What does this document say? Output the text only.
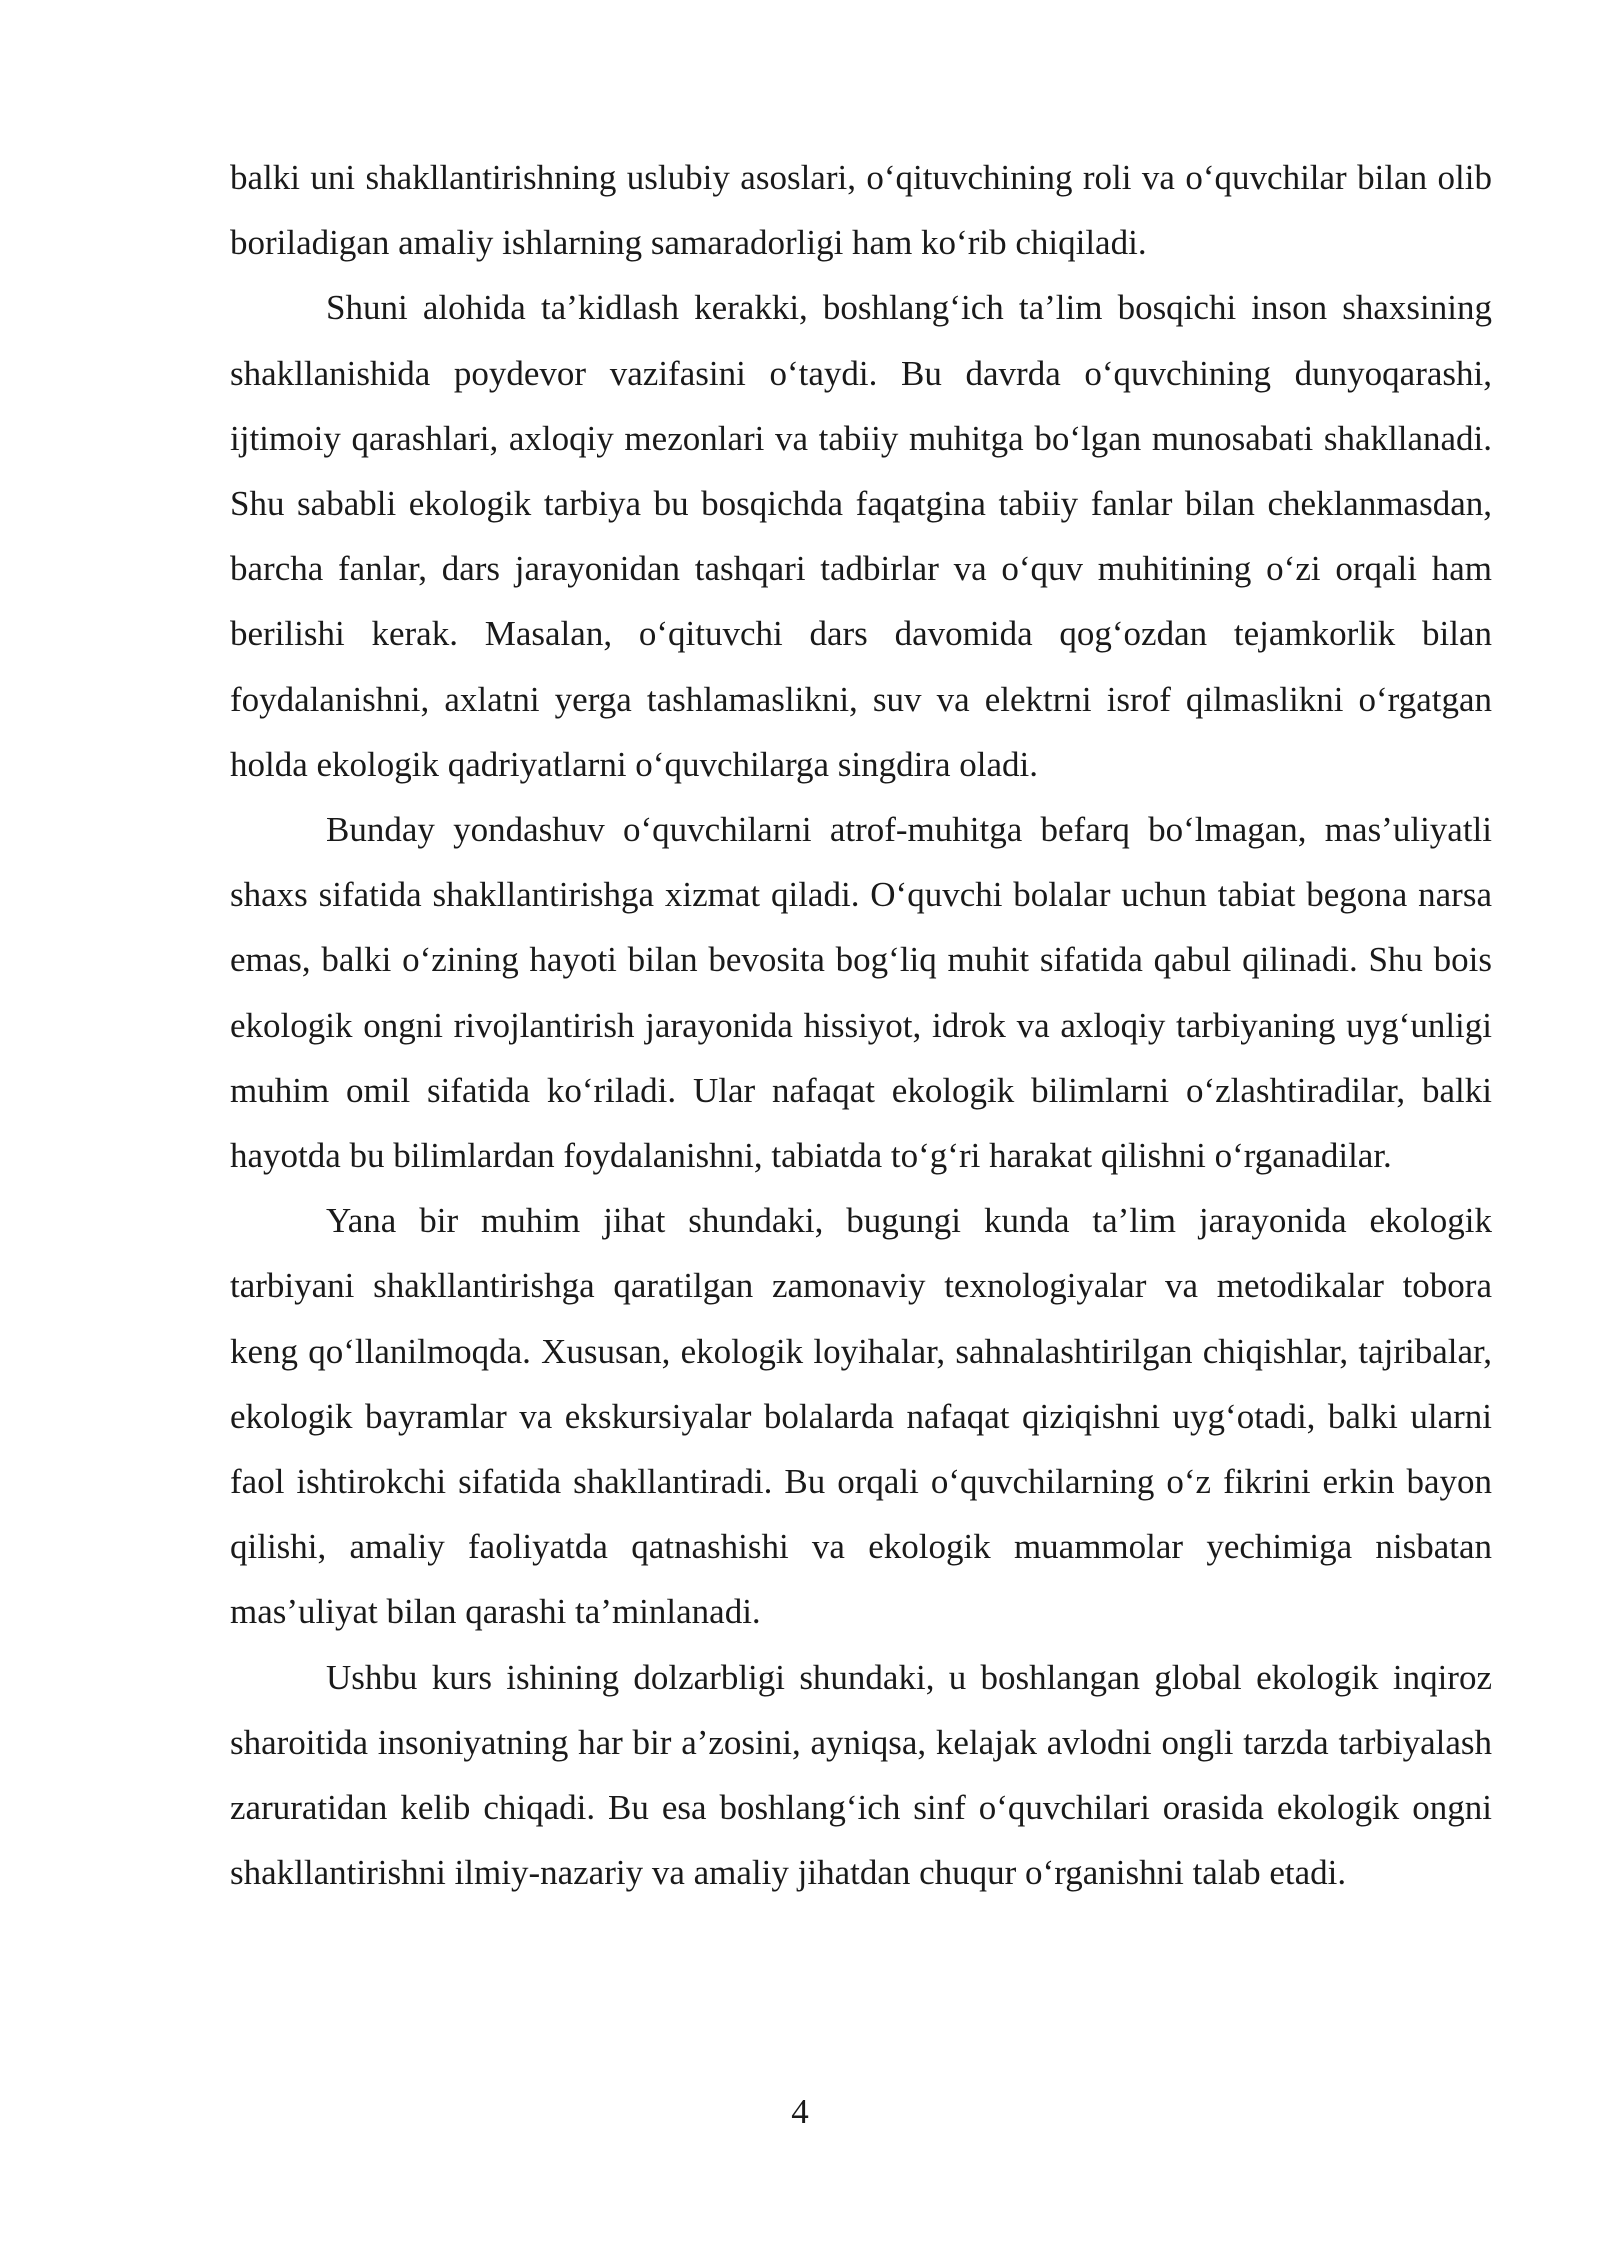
balki uni shakllantirishning uslubiy asoslari, o‘qituvchining roli va o‘quvchilar bilan olib boriladigan amaliy ishlarning samaradorligi ham ko‘rib chiqiladi.

Shuni alohida ta’kidlash kerakki, boshlang‘ich ta’lim bosqichi inson shaxsining shakllanishida poydevor vazifasini o‘taydi. Bu davrda o‘quvchining dunyoqarashi, ijtimoiy qarashlari, axloqiy mezonlari va tabiiy muhitga bo‘lgan munosabati shakllanadi. Shu sababli ekologik tarbiya bu bosqichda faqatgina tabiiy fanlar bilan cheklanmasdan, barcha fanlar, dars jarayonidan tashqari tadbirlar va o‘quv muhitining o‘zi orqali ham berilishi kerak. Masalan, o‘qituvchi dars davomida qog‘ozdan tejamkorlik bilan foydalanishni, axlatni yerga tashlamaslikni, suv va elektrni isrof qilmaslikni o‘rgatgan holda ekologik qadriyatlarni o‘quvchilarga singdira oladi.

Bunday yondashuv o‘quvchilarni atrof-muhitga befarq bo‘lmagan, mas’uliyatli shaxs sifatida shakllantirishga xizmat qiladi. O‘quvchi bolalar uchun tabiat begona narsa emas, balki o‘zining hayoti bilan bevosita bog‘liq muhit sifatida qabul qilinadi. Shu bois ekologik ongni rivojlantirish jarayonida hissiyot, idrok va axloqiy tarbiyaning uyg‘unligi muhim omil sifatida ko‘riladi. Ular nafaqat ekologik bilimlarni o‘zlashtiradilar, balki hayotda bu bilimlardan foydalanishni, tabiatda to‘g‘ri harakat qilishni o‘rganadilar.

Yana bir muhim jihat shundaki, bugungi kunda ta’lim jarayonida ekologik tarbiyani shakllantirishga qaratilgan zamonaviy texnologiyalar va metodikalar tobora keng qo‘llanilmoqda. Xususan, ekologik loyihalar, sahnalashtirilgan chiqishlar, tajribalar, ekologik bayramlar va ekskursiyalar bolalarda nafaqat qiziqishni uyg‘otadi, balki ularni faol ishtirokchi sifatida shakllantiradi. Bu orqali o‘quvchilarning o‘z fikrini erkin bayon qilishi, amaliy faoliyatda qatnashishi va ekologik muammolar yechimiga nisbatan mas’uliyat bilan qarashi ta’minlanadi.

Ushbu kurs ishining dolzarbligi shundaki, u boshlangan global ekologik inqiroz sharoitida insoniyatning har bir a’zosini, ayniqsa, kelajak avlodni ongli tarzda tarbiyalash zaruratidan kelib chiqadi. Bu esa boshlang‘ich sinf o‘quvchilari orasida ekologik ongni shakllantirishni ilmiy-nazariy va amaliy jihatdan chuqur o‘rganishni talab etadi.

4
